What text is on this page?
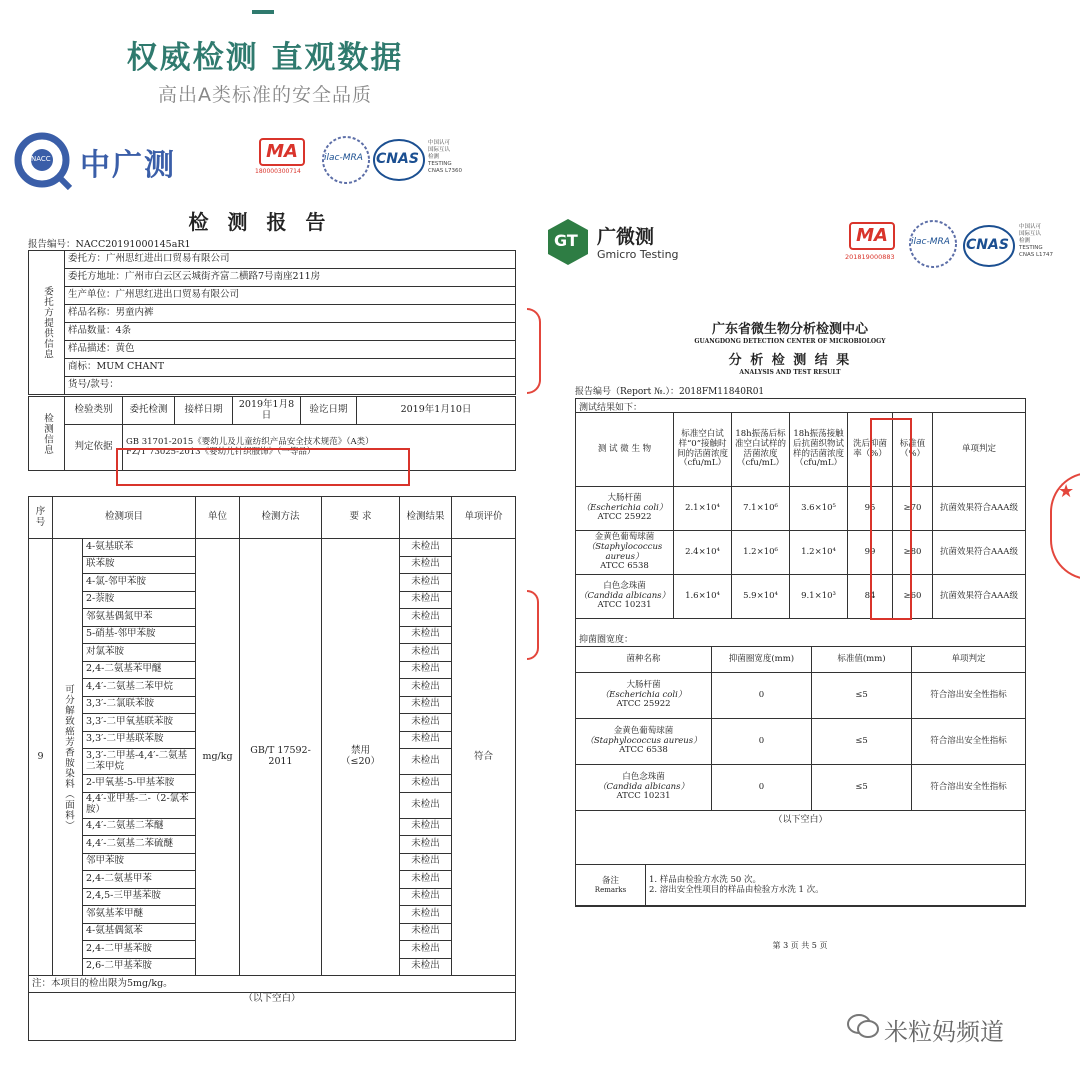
权威检测 直观数据
高出A类标准的安全品质
NACC 中广测	MA
180000300714
ilac-MRA CNAS
中国认可
国际互认
检测
TESTING
CNAS L7360
检 测 报 告
报告编号：NACC20191000145aR1
委托方提供信息
	委托方：广州思红进出口贸易有限公司
委托方地址：广州市白云区云城街齐富二横路7号南座211房
生产单位：广州思红进出口贸易有限公司
样品名称：男童内裤
样品数量：4条
样品描述：黄色
商标：MUM CHANT
货号/款号：
检测信息	检验类别	委托检测	接样日期	2019年1月8日	验讫日期	2019年1月10日
	判定依据	GB 31701-2015《婴幼儿及儿童纺织产品安全技术规范》（A类）
FZ/T 73025-2013《婴幼儿针织服饰》（一等品）				
序号	检测项目		单位	检测方法	要 求	检测结果	单项评价
9	可分解致癌芳香胺染料（面料）	4-氨基联苯	mg/kg	GB/T 17592-2011	禁用
（≤20）	未检出	符合
		联苯胺				未检出	
		4-氯-邻甲苯胺				未检出	
		2-萘胺				未检出	
		邻氨基偶氮甲苯				未检出	
		5-硝基-邻甲苯胺				未检出	
		对氯苯胺				未检出	
		2,4-二氨基苯甲醚				未检出	
		4,4′-二氨基二苯甲烷				未检出	
		3,3′-二氯联苯胺				未检出	
		3,3′-二甲氧基联苯胺				未检出	
		3,3′-二甲基联苯胺				未检出	
		3,3′-二甲基-4,4′-二氨基二苯甲烷				未检出	
		2-甲氧基-5-甲基苯胺				未检出	
		4,4′-亚甲基-二-（2-氯苯胺）				未检出	
		4,4′-二氨基二苯醚				未检出	
		4,4′-二氨基二苯硫醚				未检出	
		邻甲苯胺				未检出	
		2,4-二氨基甲苯				未检出	
		2,4,5-三甲基苯胺				未检出	
		邻氨基苯甲醚				未检出	
		4-氨基偶氮苯				未检出	
		2,4-二甲基苯胺				未检出	
		2,6-二甲基苯胺				未检出	
注：本项目的检出限为5mg/kg。							
（以下空白）							
GT 广微测
Gmicro Testing
MA
201819000883
ilac-MRA CNAS
中国认可
国际互认
检测
TESTING
CNAS L1747
广东省微生物分析检测中心
GUANGDONG DETECTION CENTER OF MICROBIOLOGY
分 析 检 测 结 果
ANALYSIS AND TEST RESULT
报告编号（Report №.）：2018FM11840R01
测试结果如下：
测 试 微 生 物	标准空白试样“0”接触时间的活菌浓度（cfu/mL）	18h振荡后标准空白试样的活菌浓度（cfu/mL）	18h振荡接触后抗菌织物试样的活菌浓度（cfu/mL）	洗后抑菌率（%）	标准值（%）	单项判定

大肠杆菌
（Escherichia coli）
ATCC 25922	2.1×10⁴	7.1×10⁶	3.6×10⁵	95	≥70	抗菌效果符合AAA级

金黄色葡萄球菌
（Staphylococcus aureus）
ATCC 6538	2.4×10⁴	1.2×10⁶	1.2×10⁴	99	≥80	抗菌效果符合AAA级

白色念珠菌
（Candida albicans）
ATCC 10231	1.6×10⁴	5.9×10⁴	9.1×10³	84	≥60	抗菌效果符合AAA级
抑菌圈宽度：
菌种名称	抑菌圈宽度(mm)	标准值(mm)	单项判定

大肠杆菌
（Escherichia coli）
ATCC 25922	0	≤5	符合溶出安全性指标

金黄色葡萄球菌
（Staphylococcus aureus）
ATCC 6538	0	≤5	符合溶出安全性指标

白色念珠菌
（Candida albicans）
ATCC 10231	0	≤5	符合溶出安全性指标
（以下空白）
备注
Remarks

1. 样品由检验方水洗 50 次。
2. 溶出安全性项目的样品由检验方水洗 1 次。
第 3 页 共 5 页
★
米粒妈频道
